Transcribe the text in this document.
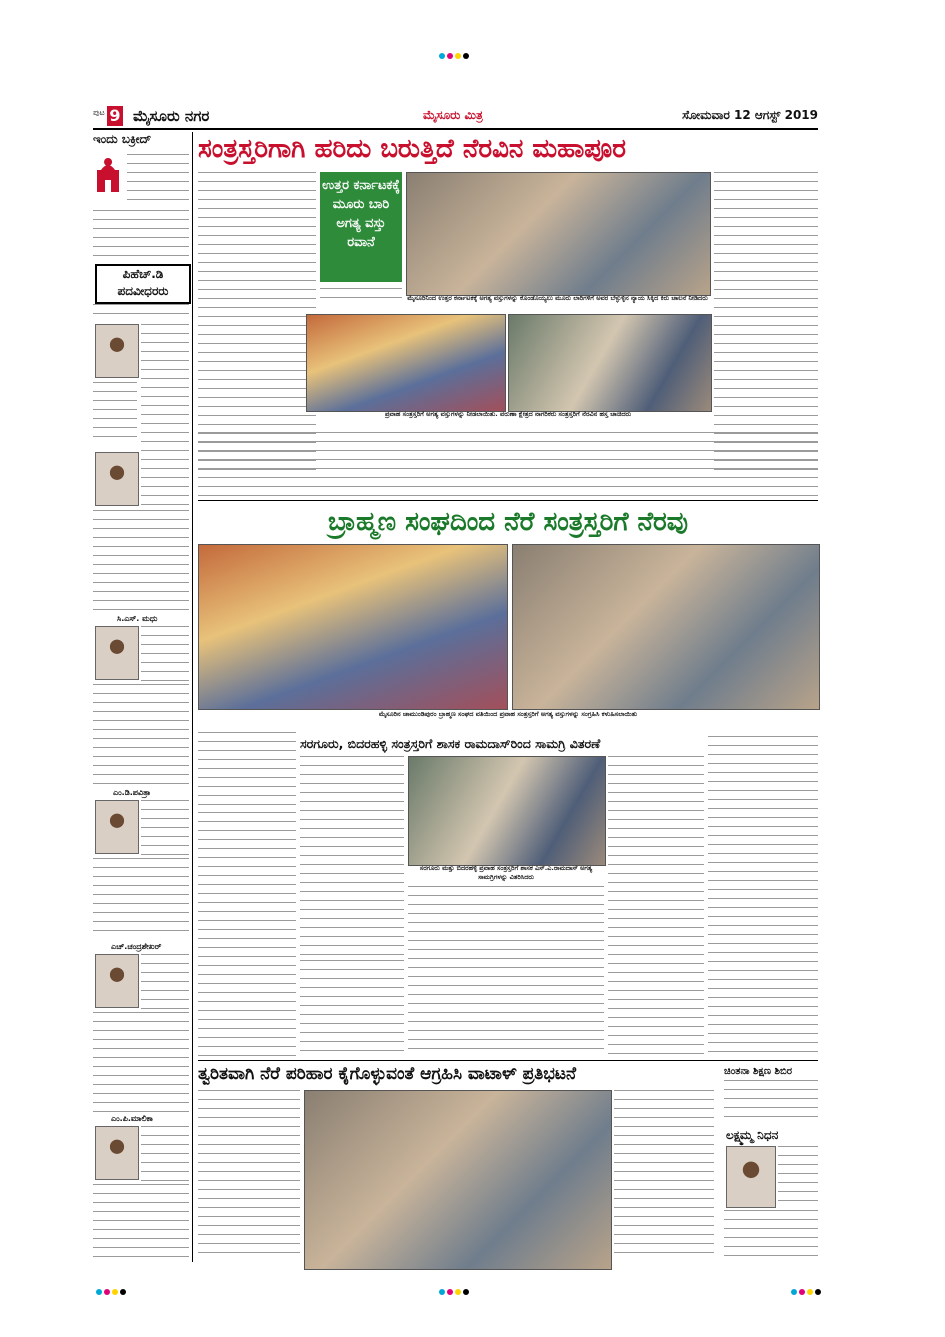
ಪುಟ 9 ಮೈಸೂರು ನಗರ	ಮೈಸೂರು ಮಿತ್ರ	ಸೋಮವಾರ 12 ಆಗಸ್ಟ್ 2019
ಇಂದು ಬಕ್ರೀದ್
ಪಿಹೆಚ್.ಡಿ ಪದವೀಧರರು
ಸಿ.ಎಸ್. ಮಧು
ಎಂ.ಡಿ.ಪವಿತ್ರಾ
ಎಚ್.ಚಂದ್ರಶೇಖರ್
ಎಂ.ಪಿ.ಮಾಲಿಕಾ
ಸಂತ್ರಸ್ತರಿಗಾಗಿ ಹರಿದು ಬರುತ್ತಿದೆ ನೆರವಿನ ಮಹಾಪೂರ
ಉತ್ತರ ಕರ್ನಾಟಕಕ್ಕೆ ಮೂರು ಬಾರಿ ಅಗತ್ಯ ವಸ್ತು ರವಾನೆ
ಮೈಸೂರಿನಿಂದ ಉತ್ತರ ಕರ್ನಾಟಕಕ್ಕೆ ಅಗತ್ಯ ವಸ್ತುಗಳನ್ನು ಕೊಂಡೊಯ್ಯಲು ಮೂರು ಲಾರಿಗಳಿಗೆ ಅವರ ಬೆಳ್ಳುಳ್ಳಿನ ನ್ಯಾಯ ಸಿಕ್ಕಿದ ಕಿರು ಚಾಲನೆ ನೀಡಿದರು
ಪ್ರವಾಹ ಸಂತ್ರಸ್ತರಿಗೆ ಅಗತ್ಯ ವಸ್ತುಗಳನ್ನು ನೀಡಲಾಯಿತು. ವರುಣಾ ಕ್ಷೇತ್ರದ ನಾಗರಿಕರು ಸಂತ್ರಸ್ತರಿಗೆ ನೆರವಿನ ಹಸ್ತ ಚಾಚಿದರು
ಬ್ರಾಹ್ಮಣ ಸಂಘದಿಂದ ನೆರೆ ಸಂತ್ರಸ್ತರಿಗೆ ನೆರವು
ಮೈಸೂರಿನ ಚಾಮುಂಡಿಪುರಂ ಬ್ರಾಹ್ಮಣ ಸಂಘದ ವತಿಯಿಂದ ಪ್ರವಾಹ ಸಂತ್ರಸ್ತರಿಗೆ ಅಗತ್ಯ ವಸ್ತುಗಳನ್ನು ಸಂಗ್ರಹಿಸಿ ಕಳುಹಿಸಲಾಯಿತು
ಸರಗೂರು, ಬಿದರಹಳ್ಳಿ ಸಂತ್ರಸ್ತರಿಗೆ ಶಾಸಕ ರಾಮದಾಸ್‌ರಿಂದ ಸಾಮಗ್ರಿ ವಿತರಣೆ
ಸರಗೂರು ಮತ್ತು ಬಿದರಹಳ್ಳಿ ಪ್ರವಾಹ ಸಂತ್ರಸ್ತರಿಗೆ ಶಾಸಕ ಎಸ್.ಎ.ರಾಮದಾಸ್ ಅಗತ್ಯ ಸಾಮಗ್ರಿಗಳನ್ನು ವಿತರಿಸಿದರು
ತ್ವರಿತವಾಗಿ ನೆರೆ ಪರಿಹಾರ ಕೈಗೊಳ್ಳುವಂತೆ ಆಗ್ರಹಿಸಿ ವಾಟಾಳ್ ಪ್ರತಿಭಟನೆ	ಚಿಂತನಾ ಶಿಕ್ಷಣ ಶಿಬಿರ
ಲಕ್ಷ್ಮಮ್ಮ ನಿಧನ
